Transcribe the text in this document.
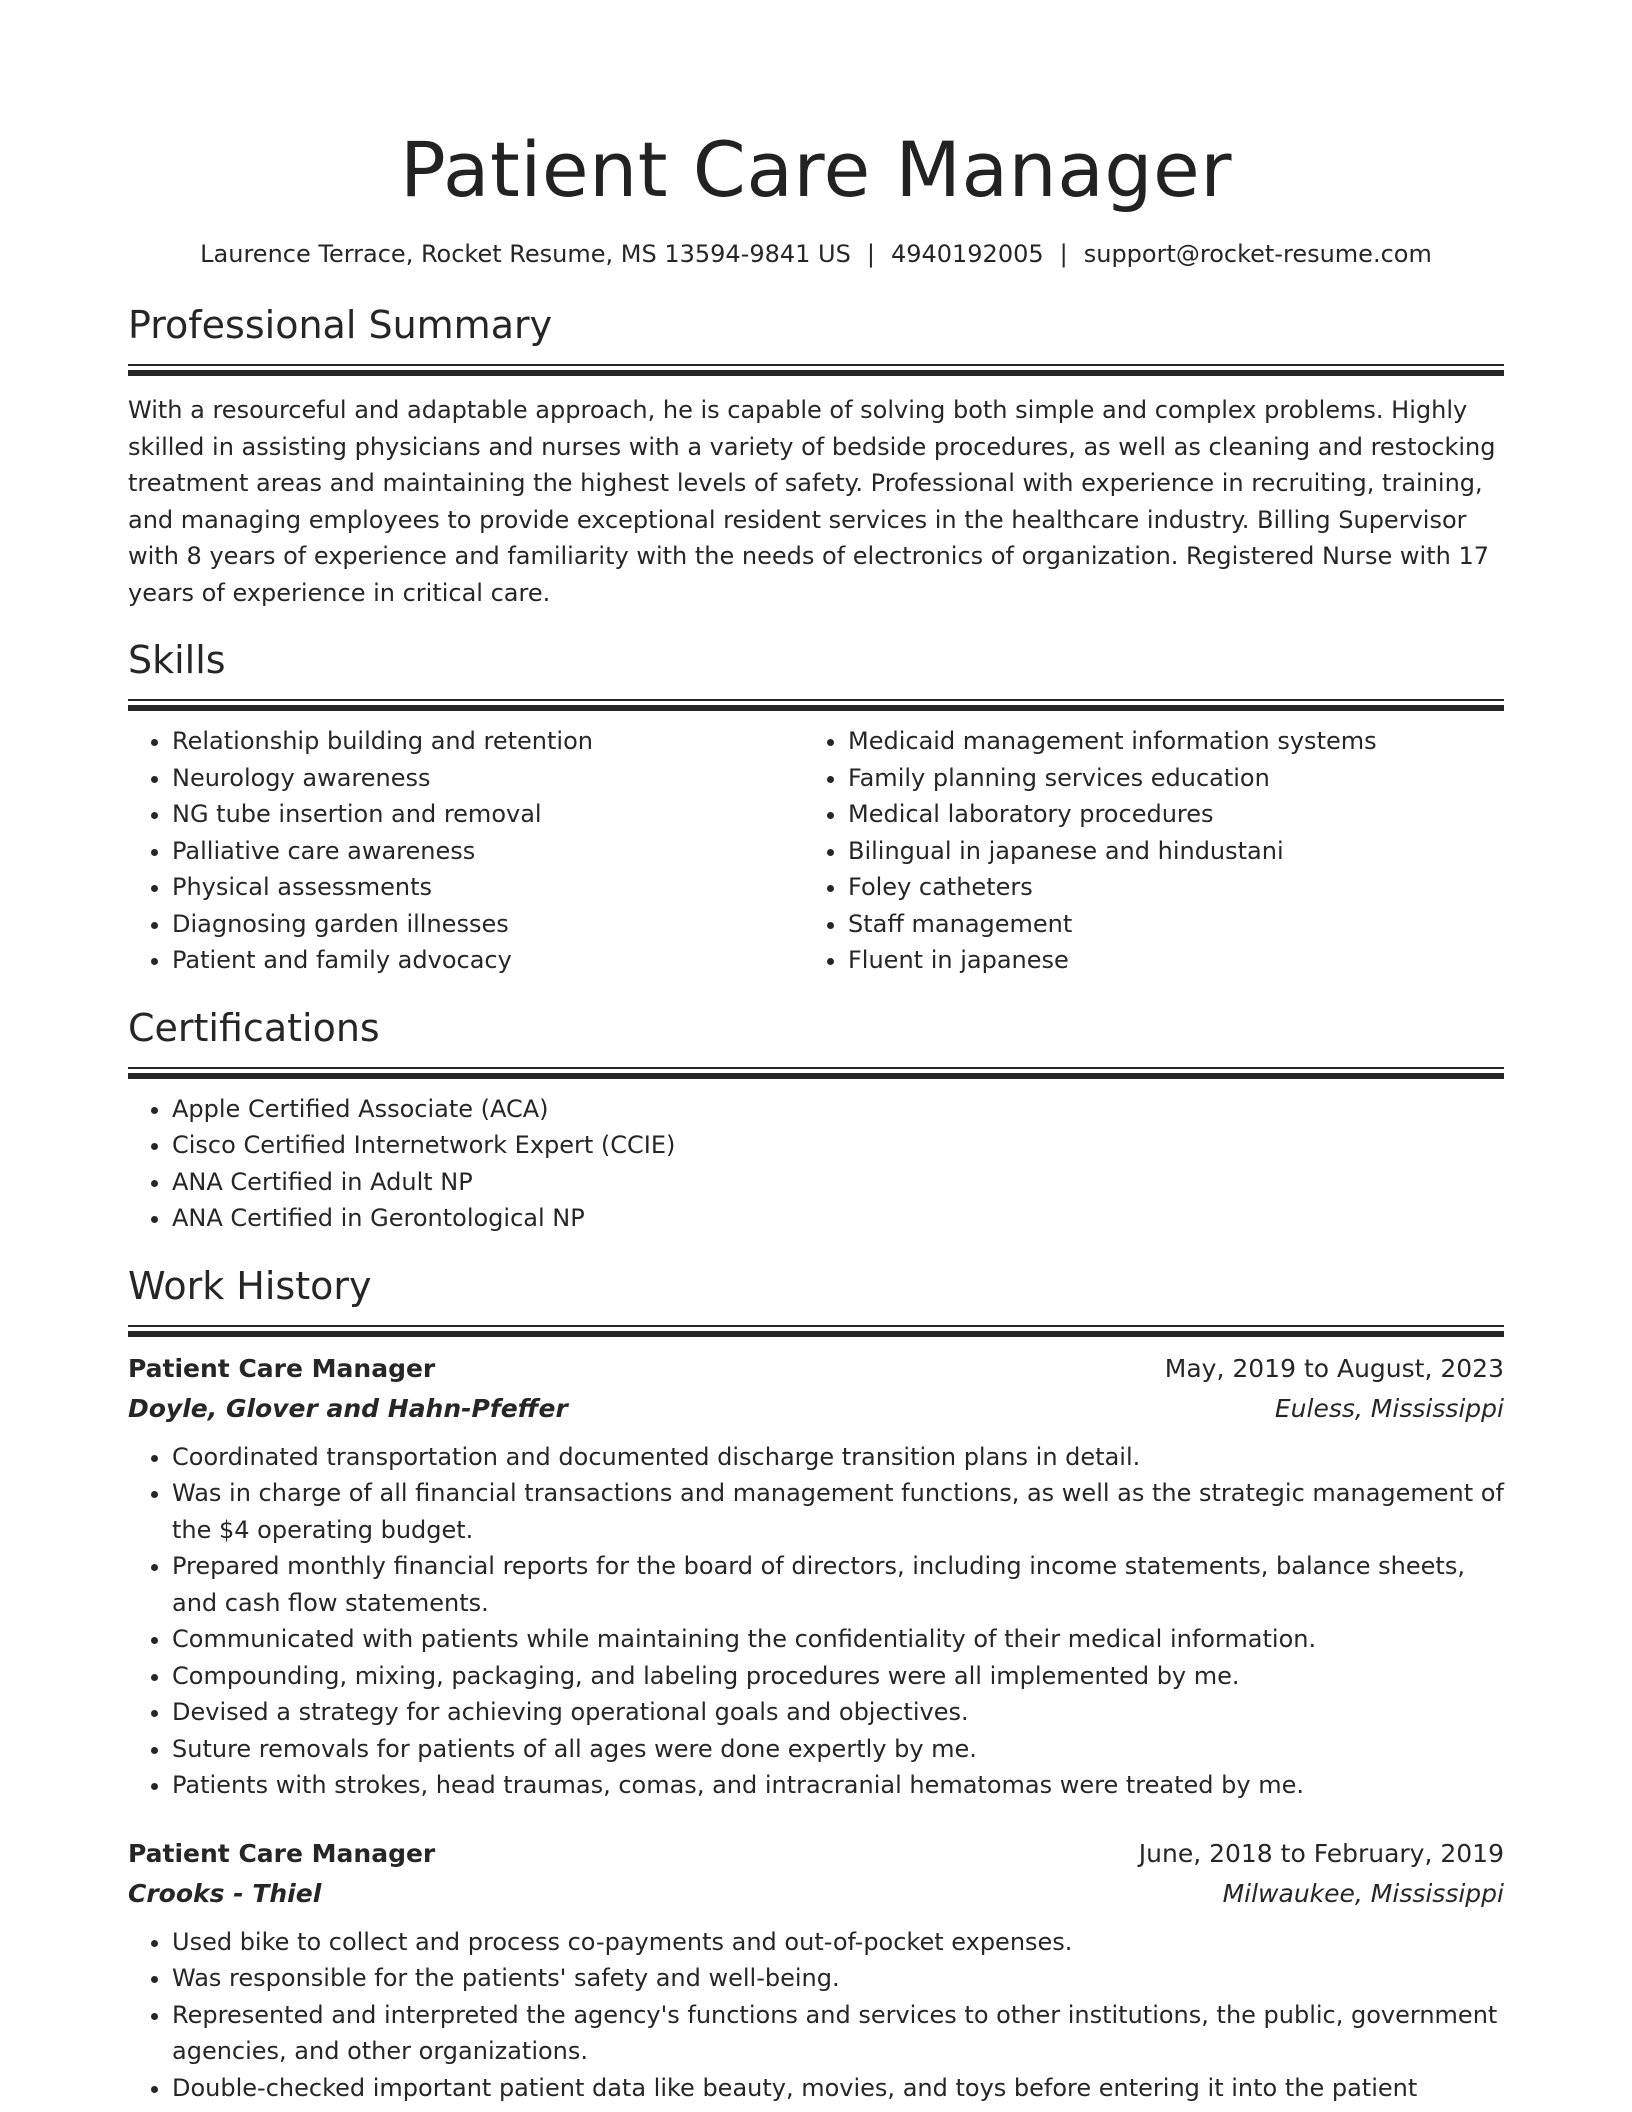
Patient Care Manager
Laurence Terrace, Rocket Resume, MS 13594-9841 US | 4940192005 | support@rocket-resume.com
Professional Summary

With a resourceful and adaptable approach, he is capable of solving both simple and complex problems. Highly skilled in assisting physicians and nurses with a variety of bedside procedures, as well as cleaning and restocking treatment areas and maintaining the highest levels of safety. Professional with experience in recruiting, training, and managing employees to provide exceptional resident services in the healthcare industry. Billing Supervisor with 8 years of experience and familiarity with the needs of electronics of organization. Registered Nurse with 17 years of experience in critical care.

Skills
• Relationship building and retention
• Neurology awareness
• NG tube insertion and removal
• Palliative care awareness
• Physical assessments
• Diagnosing garden illnesses
• Patient and family advocacy
• Medicaid management information systems
• Family planning services education
• Medical laboratory procedures
• Bilingual in japanese and hindustani
• Foley catheters
• Staff management
• Fluent in japanese
Certifications
• Apple Certified Associate (ACA)
• Cisco Certified Internetwork Expert (CCIE)
• ANA Certified in Adult NP
• ANA Certified in Gerontological NP
Work History
Patient Care Manager	May, 2019 to August, 2023
Doyle, Glover and Hahn-Pfeffer	Euless, Mississippi
• Coordinated transportation and documented discharge transition plans in detail.
• Was in charge of all financial transactions and management functions, as well as the strategic management of the $4 operating budget.
• Prepared monthly financial reports for the board of directors, including income statements, balance sheets, and cash flow statements.
• Communicated with patients while maintaining the confidentiality of their medical information.
• Compounding, mixing, packaging, and labeling procedures were all implemented by me.
• Devised a strategy for achieving operational goals and objectives.
• Suture removals for patients of all ages were done expertly by me.
• Patients with strokes, head traumas, comas, and intracranial hematomas were treated by me.
Patient Care Manager	June, 2018 to February, 2019
Crooks - Thiel	Milwaukee, Mississippi
• Used bike to collect and process co-payments and out-of-pocket expenses.
• Was responsible for the patients' safety and well-being.
• Represented and interpreted the agency's functions and services to other institutions, the public, government agencies, and other organizations.
• Double-checked important patient data like beauty, movies, and toys before entering it into the patient
